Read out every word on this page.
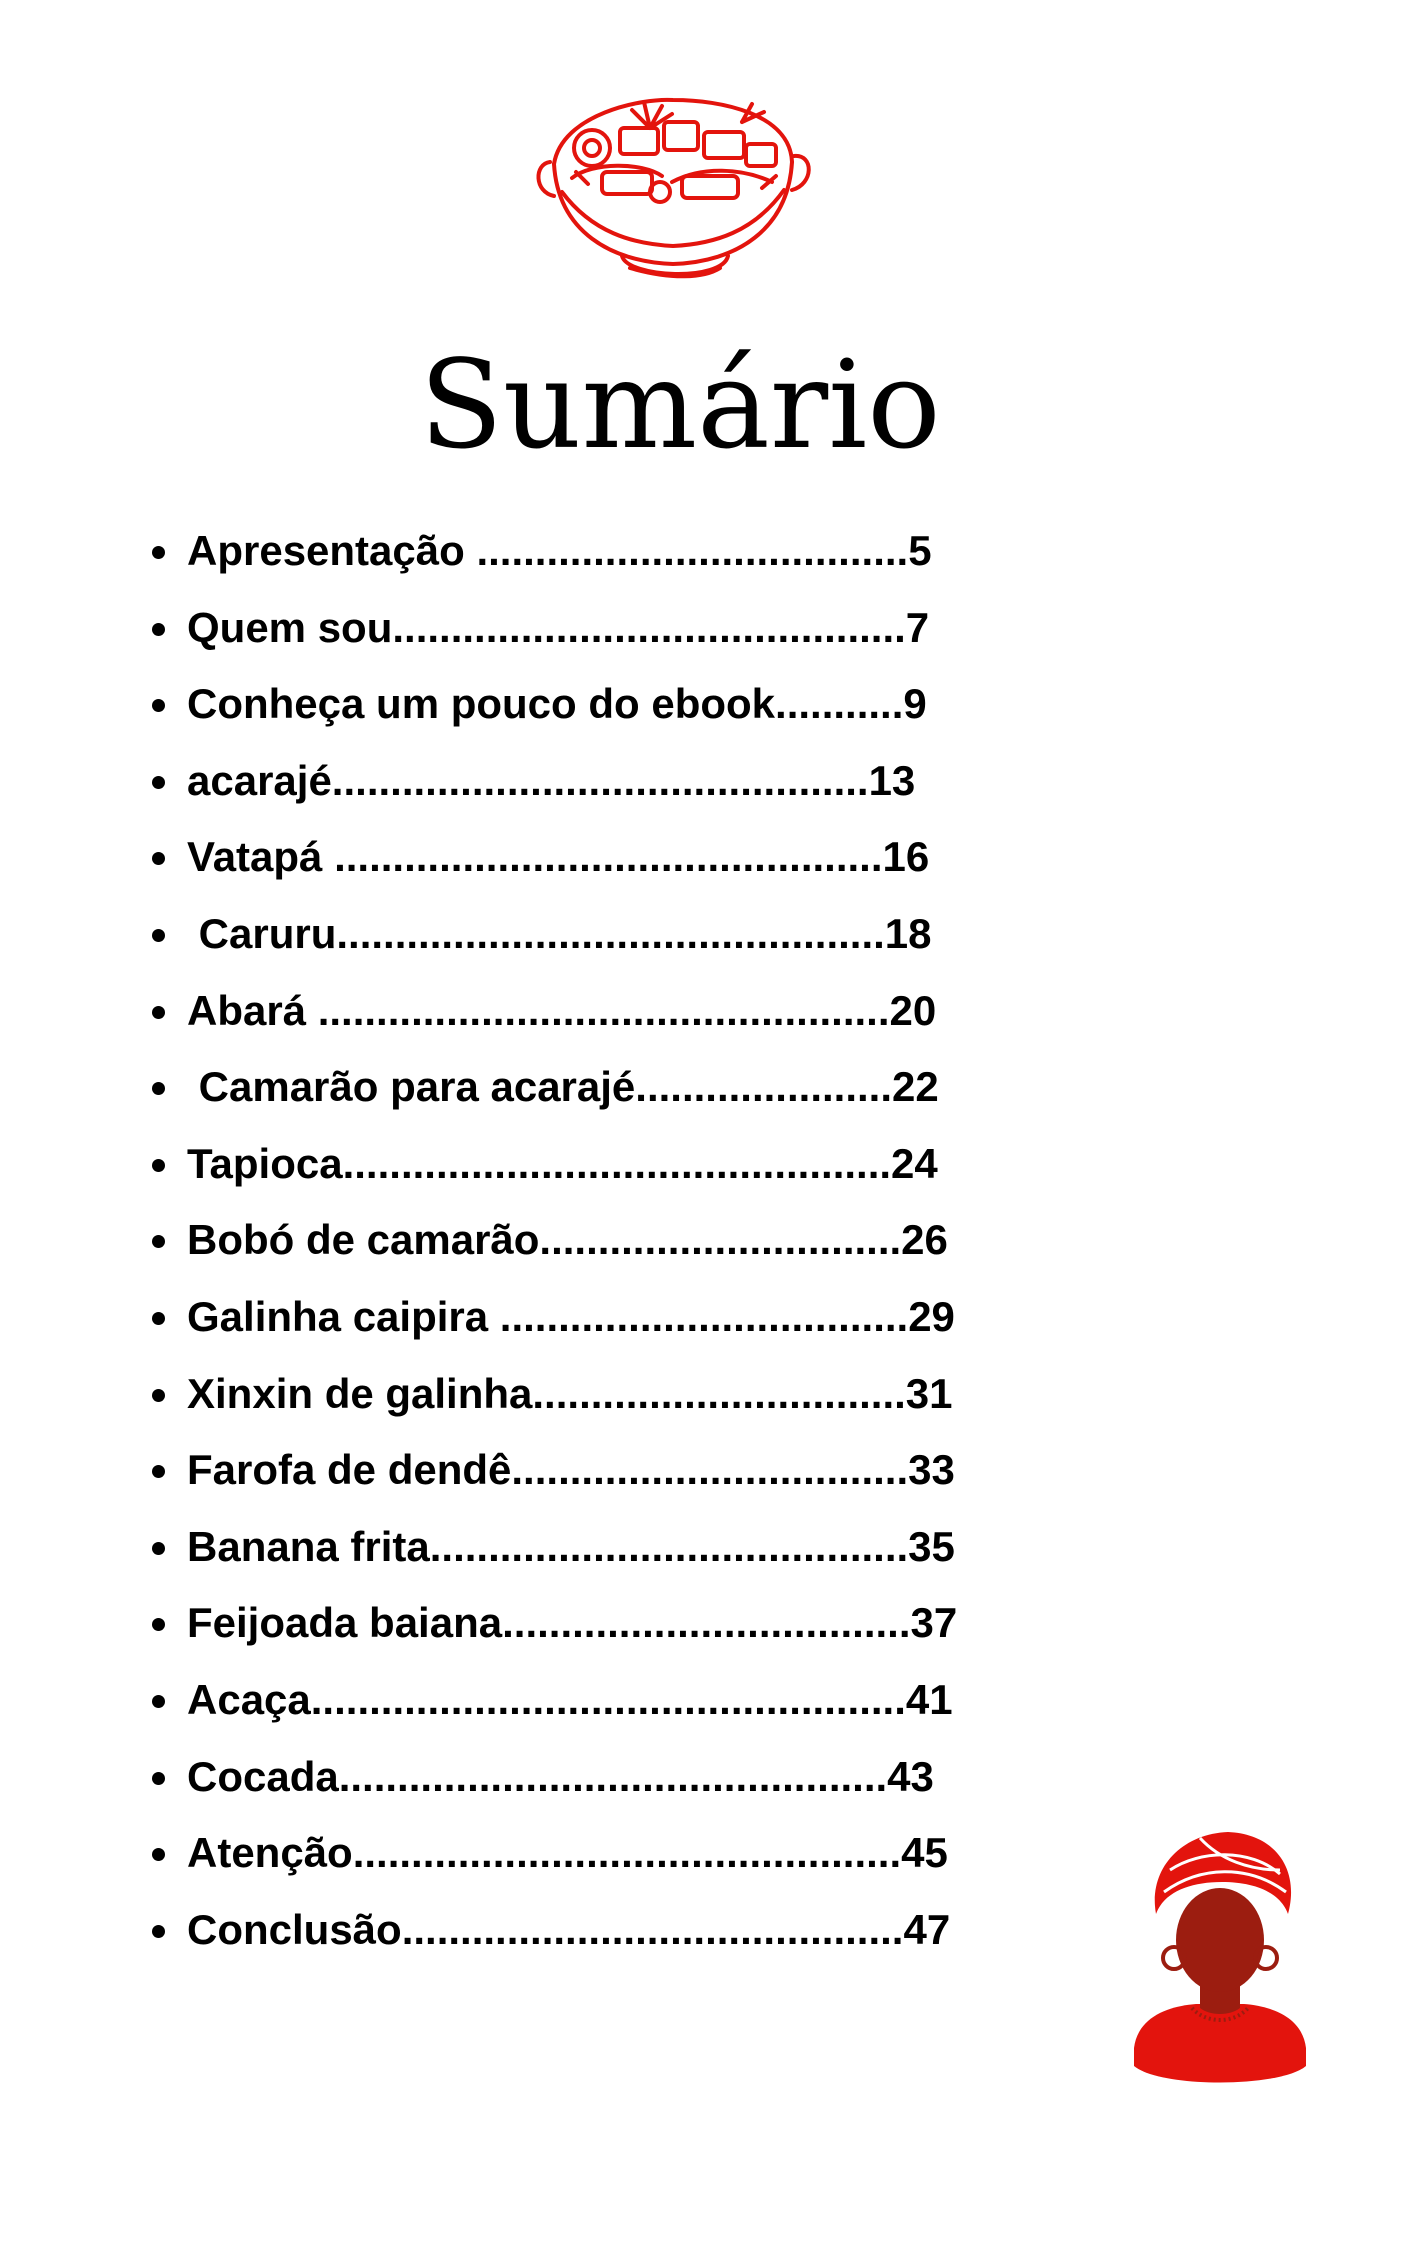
Sumário
Apresentação .....................................5
Quem sou............................................7
Conheça um pouco do ebook...........9
acarajé..............................................13
Vatapá ...............................................16
Caruru...............................................18
Abará .................................................20
Camarão para acarajé......................22
Tapioca...............................................24
Bobó de camarão...............................26
Galinha caipira ...................................29
Xinxin de galinha................................31
Farofa de dendê..................................33
Banana frita.........................................35
Feijoada baiana...................................37
Acaça...................................................41
Cocada...............................................43
Atenção...............................................45
Conclusão...........................................47
